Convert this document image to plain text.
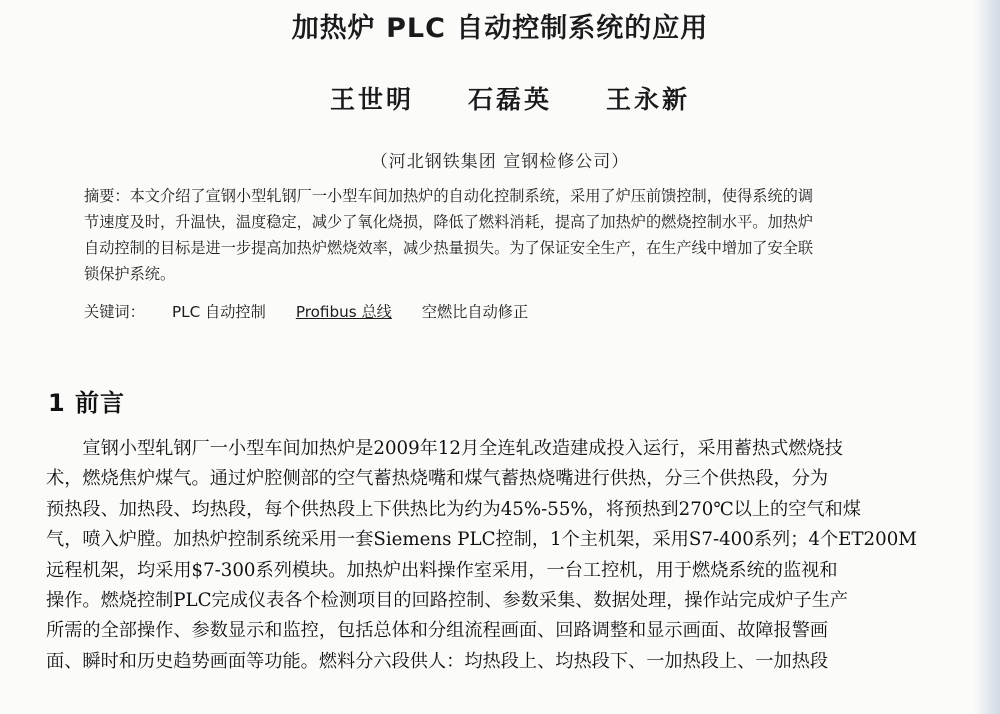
加热炉 PLC 自动控制系统的应用
王世明 石磊英 王永新
（河北钢铁集团 宣钢检修公司）
摘要：本文介绍了宣钢小型轧钢厂一小型车间加热炉的自动化控制系统，采用了炉压前馈控制，使得系统的调
节速度及时，升温快，温度稳定，减少了氧化烧损，降低了燃料消耗，提高了加热炉的燃烧控制水平。加热炉
自动控制的目标是进一步提高加热炉燃烧效率，减少热量损失。为了保证安全生产，在生产线中增加了安全联
锁保护系统。
关键词：	PLC 自动控制 Profibus 总线 空燃比自动修正
1 前言
　　宣钢小型轧钢厂一小型车间加热炉是2009年12月全连轧改造建成投入运行，采用蓄热式燃烧技
术，燃烧焦炉煤气。通过炉腔侧部的空气蓄热烧嘴和煤气蓄热烧嘴进行供热，分三个供热段，分为
预热段、加热段、均热段，每个供热段上下供热比为约为45%-55%，将预热到270℃以上的空气和煤
气，喷入炉膛。加热炉控制系统采用一套Siemens PLC控制，1个主机架，采用S7-400系列；4个ET200M
远程机架，均采用$7-300系列模块。加热炉出料操作室采用，一台工控机，用于燃烧系统的监视和
操作。燃烧控制PLC完成仪表各个检测项目的回路控制、参数采集、数据处理，操作站完成炉子生产
所需的全部操作、参数显示和监控，包括总体和分组流程画面、回路调整和显示画面、故障报警画
面、瞬时和历史趋势画面等功能。燃料分六段供人：均热段上、均热段下、一加热段上、一加热段
